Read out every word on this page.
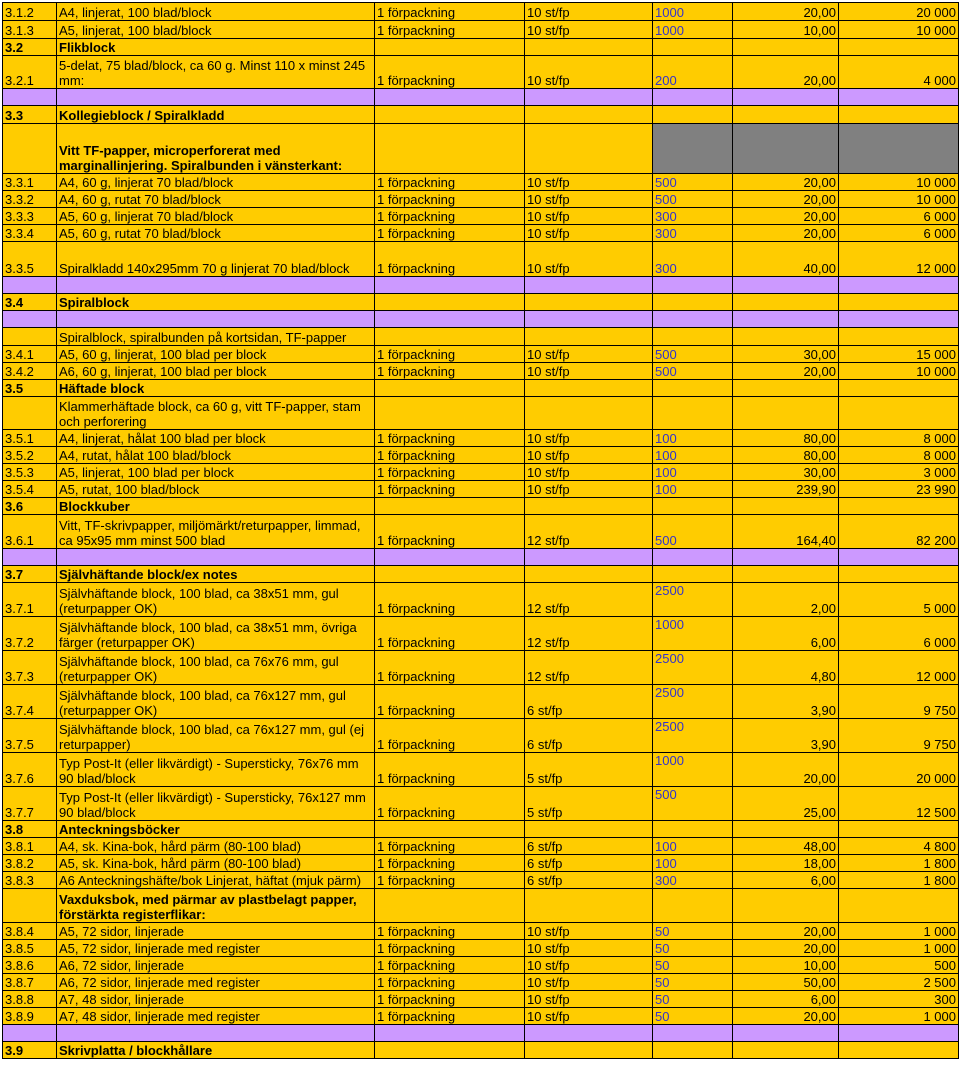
3.1.2	A4, linjerat, 100 blad/block	1 förpackning	10 st/fp	1000	20,00	20 000
3.1.3	A5, linjerat, 100 blad/block	1 förpackning	10 st/fp	1000	10,00	10 000
3.2	Flikblock					
3.2.1	5-delat, 75 blad/block, ca 60 g. Minst 110 x minst 245 mm:	1 förpackning	10 st/fp	200	20,00	4 000

3.3	Kollegieblock / Spiralkladd					
	Vitt TF-papper, microperforerat med marginallinjering. Spiralbunden i vänsterkant:					
3.3.1	A4, 60 g, linjerat 70 blad/block	1 förpackning	10 st/fp	500	20,00	10 000
3.3.2	A4, 60 g, rutat 70 blad/block	1 förpackning	10 st/fp	500	20,00	10 000
3.3.3	A5, 60 g, linjerat 70 blad/block	1 förpackning	10 st/fp	300	20,00	6 000
3.3.4	A5, 60 g, rutat 70 blad/block	1 förpackning	10 st/fp	300	20,00	6 000
3.3.5	Spiralkladd 140x295mm 70 g linjerat 70 blad/block	1 förpackning	10 st/fp	300	40,00	12 000

3.4	Spiralblock					

	Spiralblock, spiralbunden på kortsidan, TF-papper					
3.4.1	A5, 60 g, linjerat, 100 blad per block	1 förpackning	10 st/fp	500	30,00	15 000
3.4.2	A6, 60 g, linjerat, 100 blad per block	1 förpackning	10 st/fp	500	20,00	10 000
3.5	Häftade block					
	Klammerhäftade block, ca 60 g, vitt TF-papper, stam och perforering					
3.5.1	A4, linjerat, hålat 100 blad per block	1 förpackning	10 st/fp	100	80,00	8 000
3.5.2	A4, rutat, hålat 100 blad/block	1 förpackning	10 st/fp	100	80,00	8 000
3.5.3	A5, linjerat, 100 blad per block	1 förpackning	10 st/fp	100	30,00	3 000
3.5.4	A5, rutat, 100 blad/block	1 förpackning	10 st/fp	100	239,90	23 990
3.6	Blockkuber					
3.6.1	Vitt, TF-skrivpapper, miljömärkt/returpapper, limmad, ca 95x95 mm minst 500 blad	1 förpackning	12 st/fp	500	164,40	82 200

3.7	Självhäftande block/ex notes					
3.7.1	Självhäftande block, 100 blad, ca 38x51 mm, gul (returpapper OK)	1 förpackning	12 st/fp	2500	2,00	5 000
3.7.2	Självhäftande block, 100 blad, ca 38x51 mm, övriga färger (returpapper OK)	1 förpackning	12 st/fp	1000	6,00	6 000
3.7.3	Självhäftande block, 100 blad, ca 76x76 mm, gul (returpapper OK)	1 förpackning	12 st/fp	2500	4,80	12 000
3.7.4	Självhäftande block, 100 blad, ca 76x127 mm, gul (returpapper OK)	1 förpackning	6 st/fp	2500	3,90	9 750
3.7.5	Självhäftande block, 100 blad, ca 76x127 mm, gul (ej returpapper)	1 förpackning	6 st/fp	2500	3,90	9 750
3.7.6	Typ Post-It (eller likvärdigt) - Supersticky, 76x76 mm 90 blad/block	1 förpackning	5 st/fp	1000	20,00	20 000
3.7.7	Typ Post-It (eller likvärdigt) - Supersticky, 76x127 mm 90 blad/block	1 förpackning	5 st/fp	500	25,00	12 500
3.8	Anteckningsböcker					
3.8.1	A4, sk. Kina-bok, hård pärm (80-100 blad)	1 förpackning	6 st/fp	100	48,00	4 800
3.8.2	A5, sk. Kina-bok, hård pärm (80-100 blad)	1 förpackning	6 st/fp	100	18,00	1 800
3.8.3	A6 Anteckningshäfte/bok Linjerat, häftat (mjuk pärm)	1 förpackning	6 st/fp	300	6,00	1 800
	Vaxduksbok, med pärmar av plastbelagt papper, förstärkta registerflikar:					
3.8.4	A5, 72 sidor, linjerade	1 förpackning	10 st/fp	50	20,00	1 000
3.8.5	A5, 72 sidor, linjerade med register	1 förpackning	10 st/fp	50	20,00	1 000
3.8.6	A6, 72 sidor, linjerade	1 förpackning	10 st/fp	50	10,00	500
3.8.7	A6, 72 sidor, linjerade med register	1 förpackning	10 st/fp	50	50,00	2 500
3.8.8	A7, 48 sidor, linjerade	1 förpackning	10 st/fp	50	6,00	300
3.8.9	A7, 48 sidor, linjerade med register	1 förpackning	10 st/fp	50	20,00	1 000

3.9	Skrivplatta / blockhållare					
